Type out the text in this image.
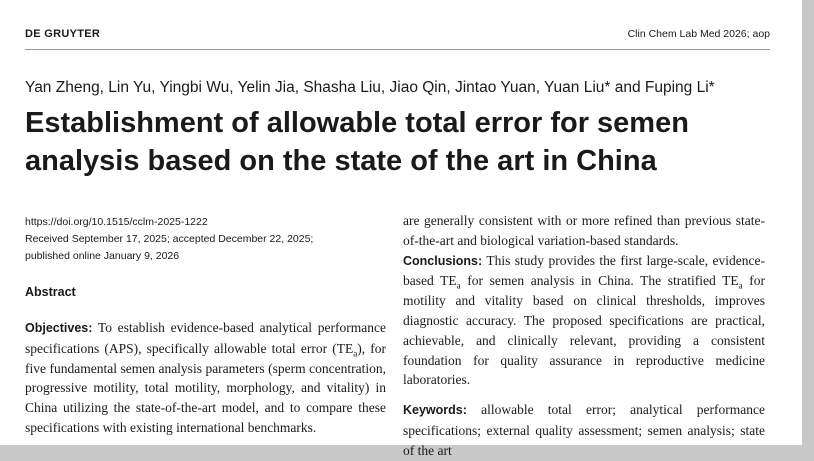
DE GRUYTER	Clin Chem Lab Med 2026; aop
Yan Zheng, Lin Yu, Yingbi Wu, Yelin Jia, Shasha Liu, Jiao Qin, Jintao Yuan, Yuan Liu* and Fuping Li*
Establishment of allowable total error for semen analysis based on the state of the art in China
https://doi.org/10.1515/cclm-2025-1222
Received September 17, 2025; accepted December 22, 2025;
published online January 9, 2026
Abstract
Objectives: To establish evidence-based analytical performance specifications (APS), specifically allowable total error $(TE_a)$, for five fundamental semen analysis parameters (sperm concentration, progressive motility, total motility, morphology, and vitality) in China utilizing the state-of-the-art model, and to compare these specifications with existing international benchmarks.
are generally consistent with or more refined than previous state-of-the-art and biological variation-based standards.
Conclusions: This study provides the first large-scale, evidence-based $TE_a$ for semen analysis in China. The stratified $TE_a$ for motility and vitality based on clinical thresholds, improves diagnostic accuracy. The proposed specifications are practical, achievable, and clinically relevant, providing a consistent foundation for quality assurance in reproductive medicine laboratories.
Keywords: allowable total error; analytical performance specifications; external quality assessment; semen analysis; state of the art
